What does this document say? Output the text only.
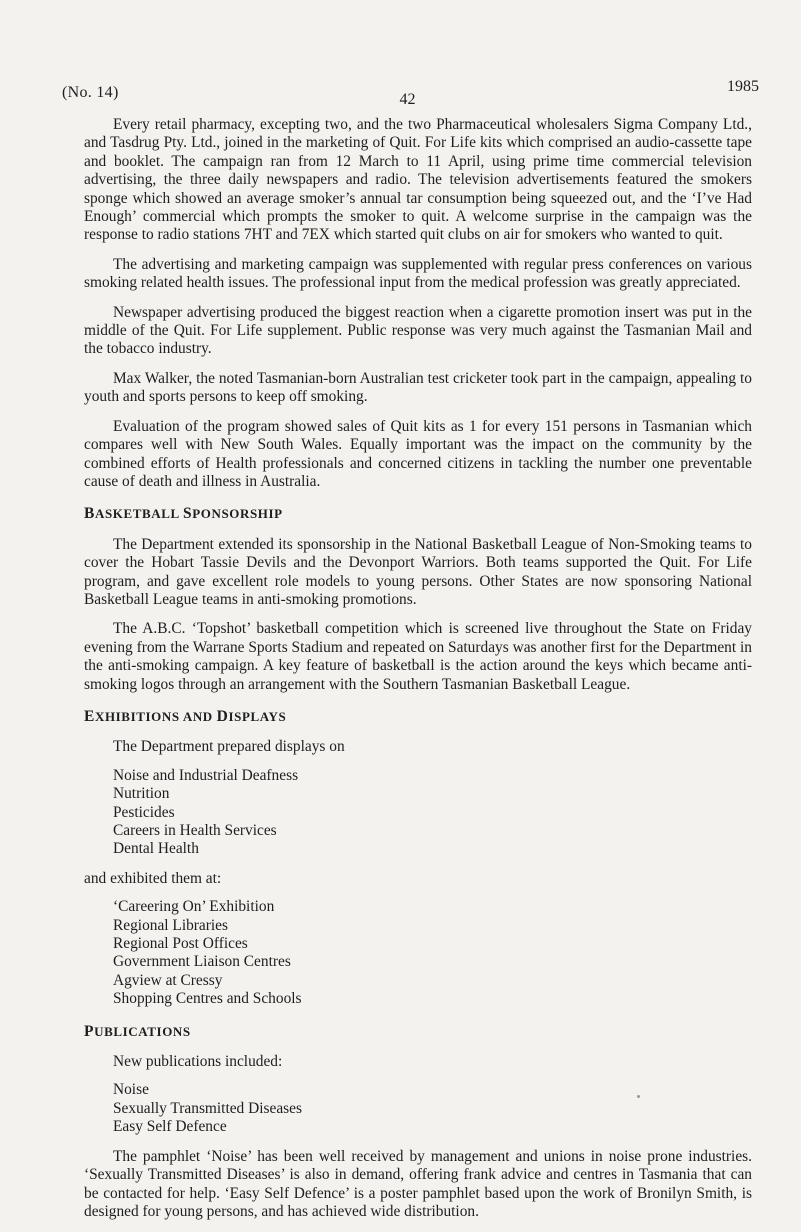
(No. 14)	1985
42

Every retail pharmacy, excepting two, and the two Pharmaceutical wholesalers Sigma Company Ltd., and Tasdrug Pty. Ltd., joined in the marketing of Quit. For Life kits which comprised an audio-cassette tape and booklet. The campaign ran from 12 March to 11 April, using prime time commercial television advertising, the three daily newspapers and radio. The television advertisements featured the smokers sponge which showed an average smoker’s annual tar consumption being squeezed out, and the ‘I’ve Had Enough’ commercial which prompts the smoker to quit. A welcome surprise in the campaign was the response to radio stations 7HT and 7EX which started quit clubs on air for smokers who wanted to quit.

The advertising and marketing campaign was supplemented with regular press conferences on various smoking related health issues. The professional input from the medical profession was greatly appreciated.

Newspaper advertising produced the biggest reaction when a cigarette promotion insert was put in the middle of the Quit. For Life supplement. Public response was very much against the Tasmanian Mail and the tobacco industry.

Max Walker, the noted Tasmanian-born Australian test cricketer took part in the campaign, appealing to youth and sports persons to keep off smoking.

Evaluation of the program showed sales of Quit kits as 1 for every 151 persons in Tasmanian which compares well with New South Wales. Equally important was the impact on the community by the combined efforts of Health professionals and concerned citizens in tackling the number one preventable cause of death and illness in Australia.

BASKETBALL SPONSORSHIP

The Department extended its sponsorship in the National Basketball League of Non-Smoking teams to cover the Hobart Tassie Devils and the Devonport Warriors. Both teams supported the Quit. For Life program, and gave excellent role models to young persons. Other States are now sponsoring National Basketball League teams in anti-smoking promotions.

The A.B.C. ‘Topshot’ basketball competition which is screened live throughout the State on Friday evening from the Warrane Sports Stadium and repeated on Saturdays was another first for the Department in the anti-smoking campaign. A key feature of basketball is the action around the keys which became anti-smoking logos through an arrangement with the Southern Tasmanian Basketball League.

EXHIBITIONS AND DISPLAYS

The Department prepared displays on

Noise and Industrial Deafness
Nutrition
Pesticides
Careers in Health Services
Dental Health

and exhibited them at:

‘Careering On’ Exhibition
Regional Libraries
Regional Post Offices
Government Liaison Centres
Agview at Cressy
Shopping Centres and Schools
PUBLICATIONS

New publications included:

Noise
Sexually Transmitted Diseases
Easy Self Defence

The pamphlet ‘Noise’ has been well received by management and unions in noise prone industries. ‘Sexually Transmitted Diseases’ is also in demand, offering frank advice and centres in Tasmania that can be contacted for help. ‘Easy Self Defence’ is a poster pamphlet based upon the work of Bronilyn Smith, is designed for young persons, and has achieved wide distribution.
